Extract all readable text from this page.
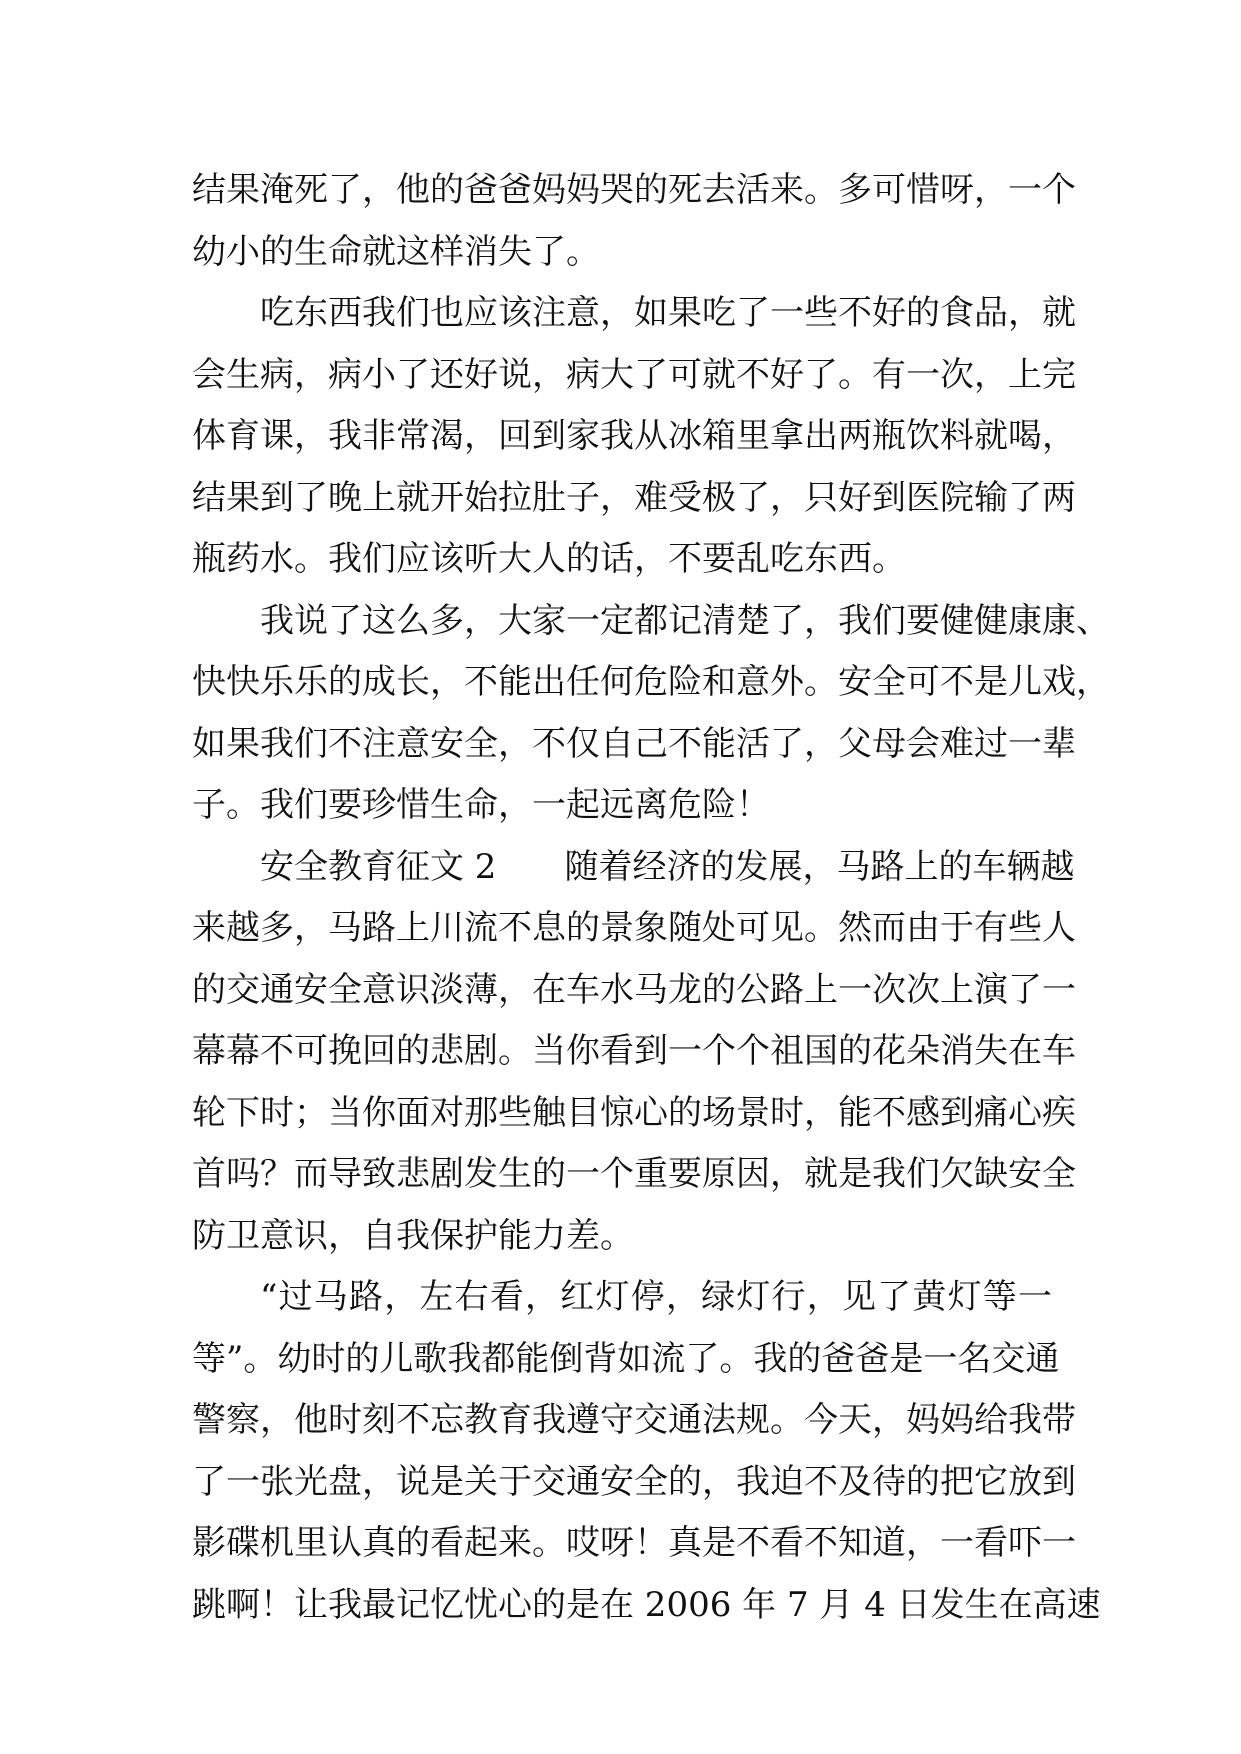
结果淹死了，他的爸爸妈妈哭的死去活来。多可惜呀，一个
幼小的生命就这样消失了。
吃东西我们也应该注意，如果吃了一些不好的食品，就
会生病，病小了还好说，病大了可就不好了。有一次，上完
体育课，我非常渴，回到家我从冰箱里拿出两瓶饮料就喝，
结果到了晚上就开始拉肚子，难受极了，只好到医院输了两
瓶药水。我们应该听大人的话，不要乱吃东西。
我说了这么多，大家一定都记清楚了，我们要健健康康、
快快乐乐的成长，不能出任何危险和意外。安全可不是儿戏，
如果我们不注意安全，不仅自己不能活了，父母会难过一辈
子。我们要珍惜生命，一起远离危险！
安全教育征文 2　　随着经济的发展，马路上的车辆越
来越多，马路上川流不息的景象随处可见。然而由于有些人
的交通安全意识淡薄，在车水马龙的公路上一次次上演了一
幕幕不可挽回的悲剧。当你看到一个个祖国的花朵消失在车
轮下时；当你面对那些触目惊心的场景时，能不感到痛心疾
首吗？而导致悲剧发生的一个重要原因，就是我们欠缺安全
防卫意识，自我保护能力差。
“过马路，左右看，红灯停，绿灯行，见了黄灯等一
等”。幼时的儿歌我都能倒背如流了。我的爸爸是一名交通
警察，他时刻不忘教育我遵守交通法规。今天，妈妈给我带
了一张光盘，说是关于交通安全的，我迫不及待的把它放到
影碟机里认真的看起来。哎呀！真是不看不知道，一看吓一
跳啊！让我最记忆忧心的是在 2006 年 7 月 4 日发生在高速
